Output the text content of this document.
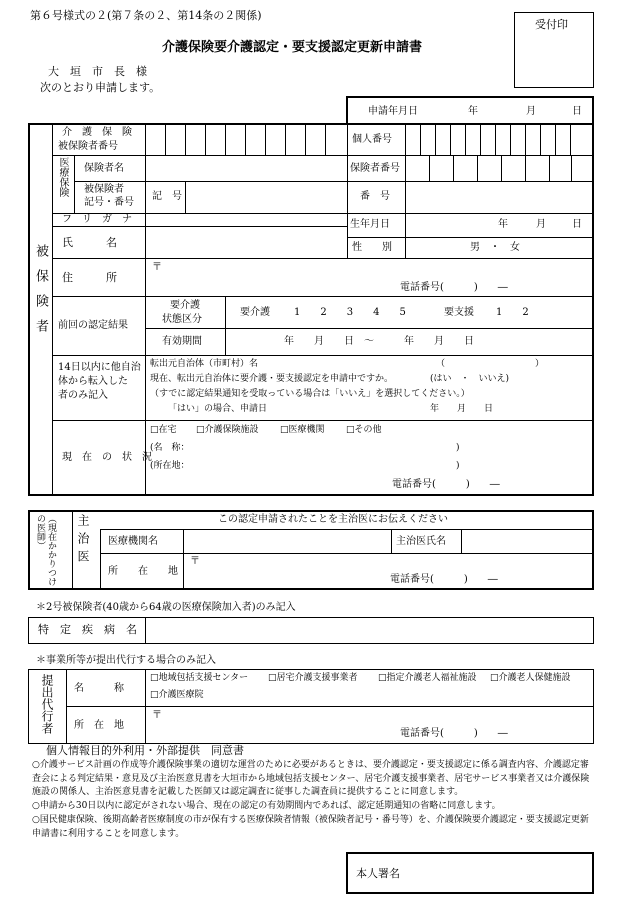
第６号様式の２(第７条の２、第14条の２関係)
受付印
介護保険要介護認定・要支援認定更新申請書
大　垣　市　長　様
次のとおり申請します。
申請年月日	年	月	日
被保険者
介　護　保　険
被保険者番号
個人番号
医療保険 保険者名	保険者番号
被保険者
記号・番号
記　号	番　号
フ　リ　ガ　ナ	生年月日	年	月	日
氏　　　名	性　　別	男　・　女
住　　　所
〒
電話番号(　　　)　　―
前回の認定結果
要介護
状態区分
要介護 1　　2　　3　　4　　5	要支援 1　　2
有効期間	年　　月　　日　〜　　　年　　月　　日
14日以内に他自治
体から転入した
者のみ記入
転出元自治体（市町村）名	（　　　　　　　　　　）
現在、転出元自治体に要介護・要支援認定を申請中ですか。	(はい　・　いいえ)
（すでに認定結果通知を受取っている場合は「いいえ」を選択してください。）
「はい」の場合、申請日	年　　月　　日
現　在　の　状　況
□在宅 □介護保険施設 □医療機関 □その他
(名　称：	)
(所在地：	)
電話番号(　　　)　　―
（現在かかりつけの医師）	主治医	この認定申請されたことを主治医にお伝えください
医療機関名	主治医氏名
所　　在　　地
〒
電話番号(　　　)　　―
＊2号被保険者(40歳から64歳の医療保険加入者)のみ記入
特　定　疾　病　名
＊事業所等が提出代行する場合のみ記入
提出代行者 名　　　称
□地域包括支援センター □居宅介護支援事業者 □指定介護老人福祉施設 □介護老人保健施設
□介護医療院
所　在　地
〒
電話番号(　　　)　　―
個人情報目的外利用・外部提供　同意書
○介護サービス計画の作成等介護保険事業の適切な運営のために必要があるときは、要介護認定・要支援認定に係る調査内容、介護認定審査会による判定結果・意見及び主治医意見書を大垣市から地域包括支援センター、居宅介護支援事業者、居宅サービス事業者又は介護保険施設の関係人、主治医意見書を記載した医師又は認定調査に従事した調査員に提供することに同意します。
○申請から30日以内に認定がされない場合、現在の認定の有効期間内であれば、認定延期通知の省略に同意します。
○国民健康保険、後期高齢者医療制度の市が保有する医療保険者情報（被保険者記号・番号等）を、介護保険要介護認定・要支援認定更新申請書に利用することを同意します。
本人署名
